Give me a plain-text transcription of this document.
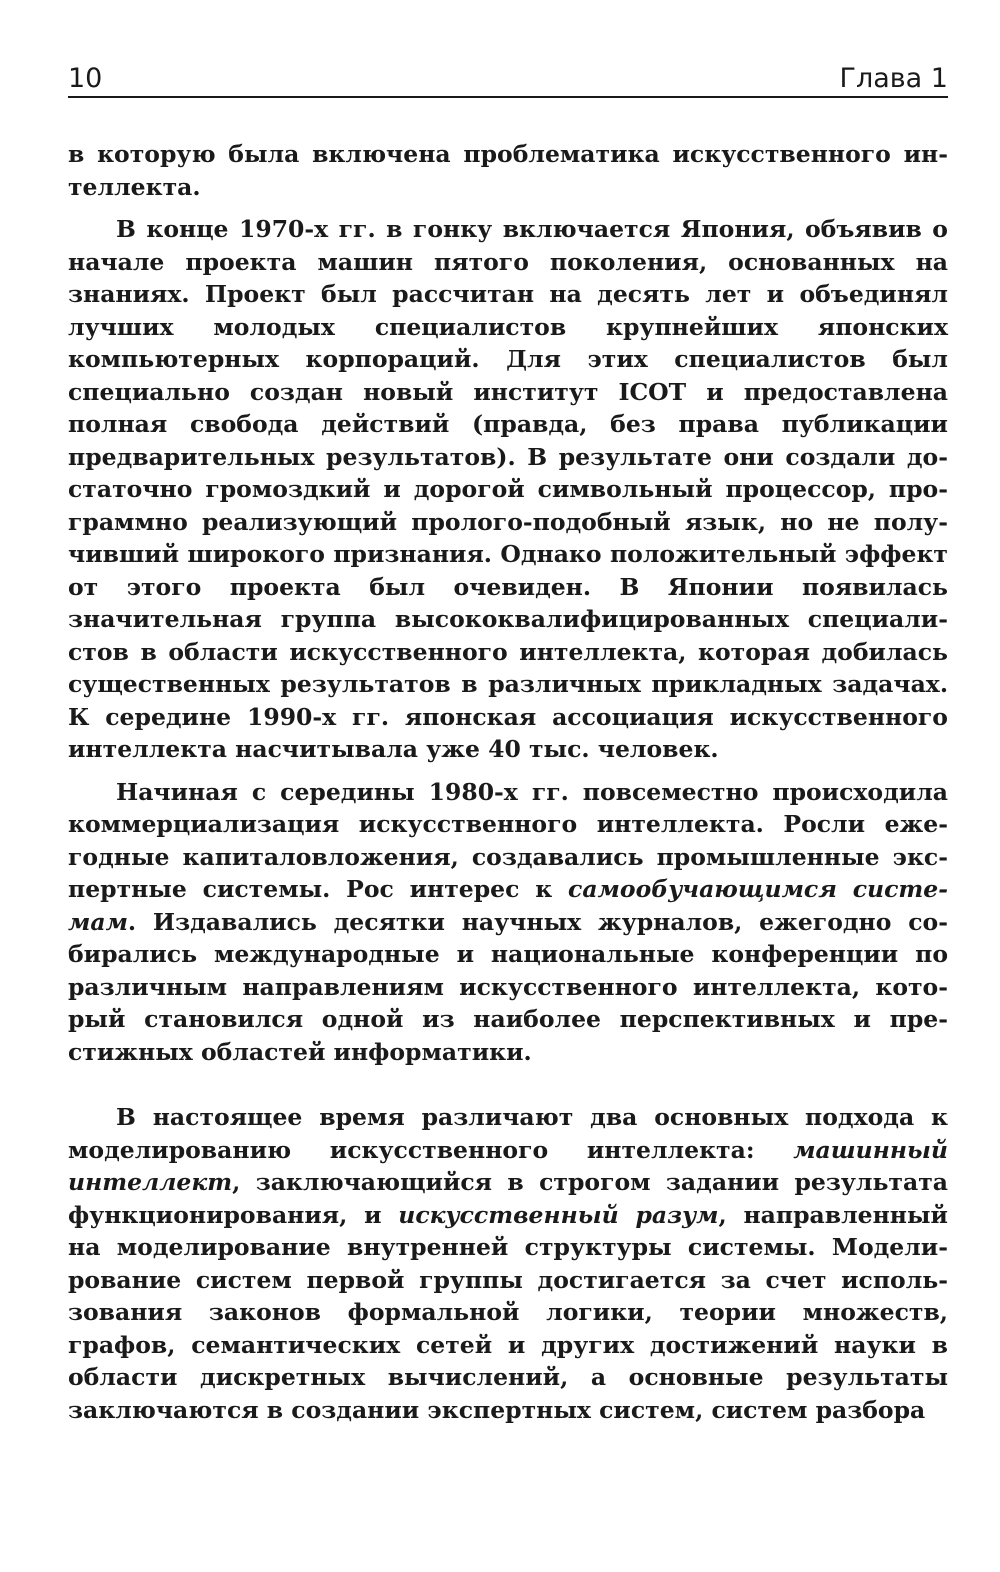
10	Глава 1

в которую была включена проблематика искусственного интеллекта.

В конце 1970-х гг. в гонку включается Япония, объявив о начале проекта машин пятого поколения, основанных на знаниях. Проект был рассчитан на десять лет и объединял лучших молодых специалистов крупнейших японских компьютерных корпораций. Для этих специалистов был специально создан новый институт ICOT и предоставлена полная свобода действий (правда, без права публикации предварительных результатов). В результате они создали достаточно громоздкий и дорогой символьный процессор, программно реализующий пролого-подобный язык, но не получивший широкого признания. Однако положительный эффект от этого проекта был очевиден. В Японии появилась значительная группа высококвалифицированных специалистов в области искусственного интеллекта, которая добилась существенных результатов в различных прикладных задачах. К середине 1990-х гг. японская ассоциация искусственного интеллекта насчитывала уже 40 тыс. человек.

Начиная с середины 1980-х гг. повсеместно происходила коммерциализация искусственного интеллекта. Росли ежегодные капиталовложения, создавались промышленные экспертные системы. Рос интерес к самообучающимся системам. Издавались десятки научных журналов, ежегодно собирались международные и национальные конференции по различным направлениям искусственного интеллекта, который становился одной из наиболее перспективных и престижных областей информатики.

В настоящее время различают два основных подхода к моделированию искусственного интеллекта: машинный интеллект, заключающийся в строгом задании результата функционирования, и искусственный разум, направленный на моделирование внутренней структуры системы. Моделирование систем первой группы достигается за счет использования законов формальной логики, теории множеств, графов, семантических сетей и других достижений науки в области дискретных вычислений, а основные результаты заключаются в создании экспертных систем, систем разбора
